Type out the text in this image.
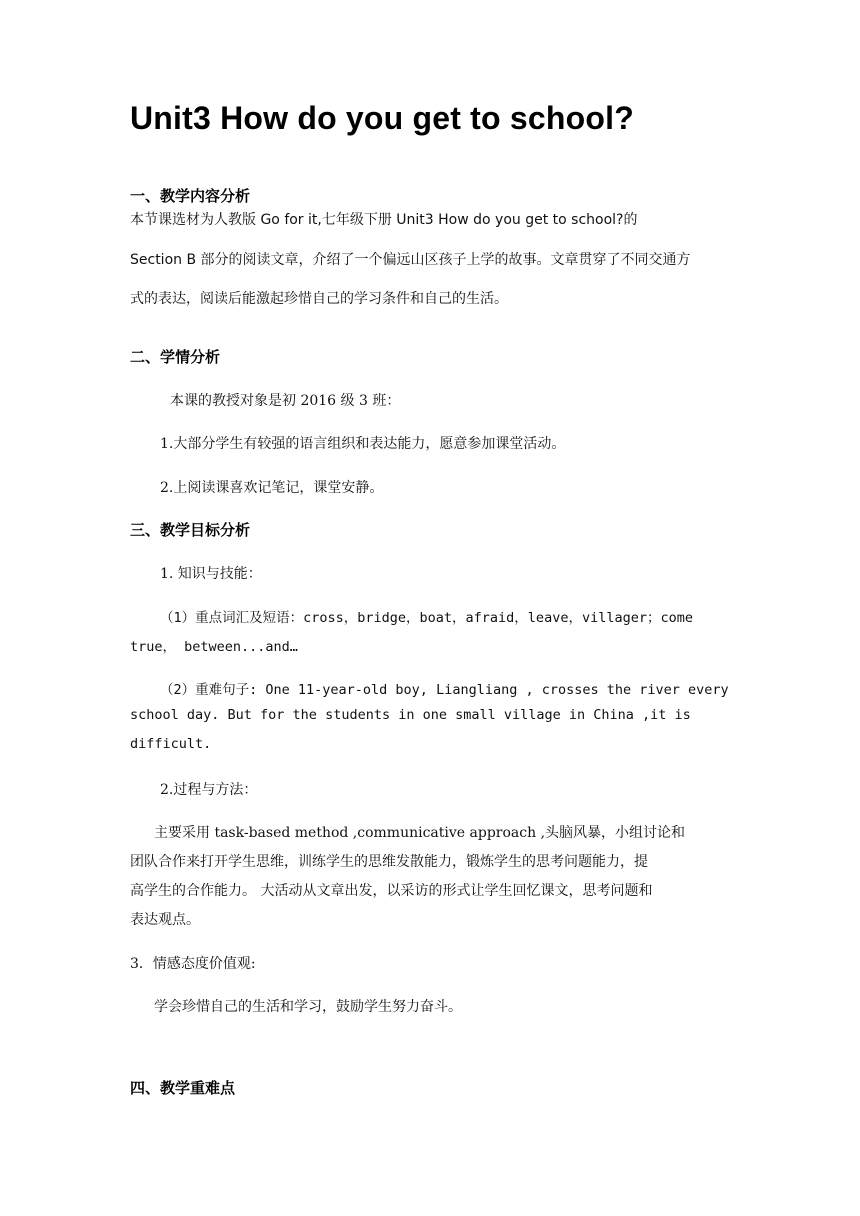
Unit3 How do you get to school?
一、教学内容分析
本节课选材为人教版 Go for it,七年级下册 Unit3 How do you get to school?的
Section B 部分的阅读文章，介绍了一个偏远山区孩子上学的故事。文章贯穿了不同交通方
式的表达，阅读后能激起珍惜自己的学习条件和自己的生活。
二、学情分析
本课的教授对象是初 2016 级 3 班：
1.大部分学生有较强的语言组织和表达能力，愿意参加课堂活动。
2.上阅读课喜欢记笔记，课堂安静。
三、教学目标分析
1. 知识与技能：
（1）重点词汇及短语：cross，bridge，boat，afraid，leave，villager；come
true， between...and…
（2）重难句子: One 11-year-old boy, Liangliang , crosses the river every
school day. But for the students in one small village in China ,it is
difficult.
2.过程与方法：
主要采用 task-based method ,communicative approach ,头脑风暴，小组讨论和
团队合作来打开学生思维，训练学生的思维发散能力，锻炼学生的思考问题能力，提
高学生的合作能力。 大活动从文章出发，以采访的形式让学生回忆课文，思考问题和
表达观点。
3．情感态度价值观:
学会珍惜自己的生活和学习，鼓励学生努力奋斗。
四、教学重难点
